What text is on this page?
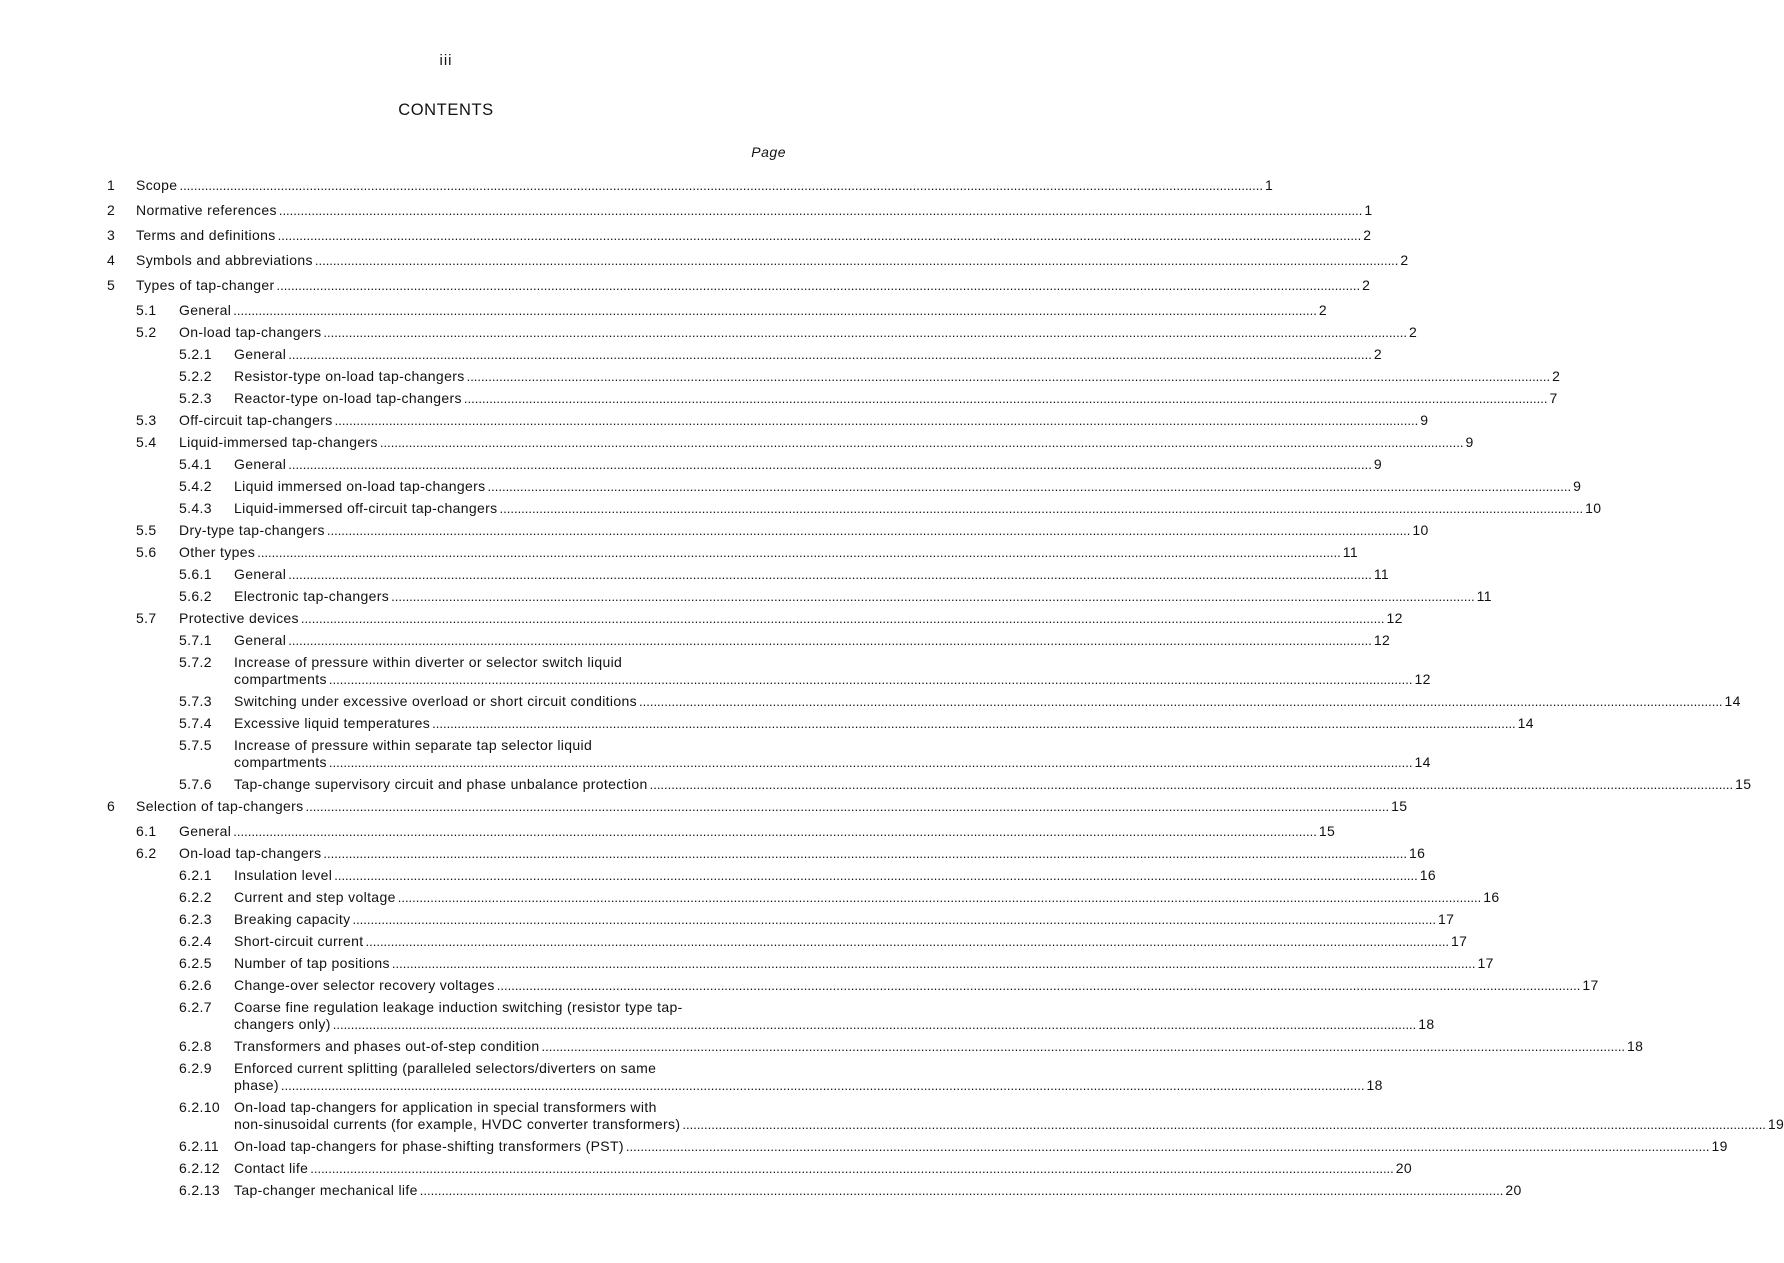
iii
CONTENTS
Page
1 Scope ............................................................................................................................................................................................................................................................................................................ 1
2 Normative references ............................................................................................................................................................................................................................................................................................................ 1
3 Terms and definitions ............................................................................................................................................................................................................................................................................................................ 2
4 Symbols and abbreviations ............................................................................................................................................................................................................................................................................................................ 2
5 Types of tap-changer ............................................................................................................................................................................................................................................................................................................ 2
5.1 General ............................................................................................................................................................................................................................................................................................................ 2
5.2 On-load tap-changers ............................................................................................................................................................................................................................................................................................................ 2
5.2.1 General ............................................................................................................................................................................................................................................................................................................ 2
5.2.2 Resistor-type on-load tap-changers ............................................................................................................................................................................................................................................................................................................ 2
5.2.3 Reactor-type on-load tap-changers ............................................................................................................................................................................................................................................................................................................ 7
5.3 Off-circuit tap-changers ............................................................................................................................................................................................................................................................................................................ 9
5.4 Liquid-immersed tap-changers ............................................................................................................................................................................................................................................................................................................ 9
5.4.1 General ............................................................................................................................................................................................................................................................................................................ 9
5.4.2 Liquid immersed on-load tap-changers ............................................................................................................................................................................................................................................................................................................ 9
5.4.3 Liquid-immersed off-circuit tap-changers ............................................................................................................................................................................................................................................................................................................ 10
5.5 Dry-type tap-changers ............................................................................................................................................................................................................................................................................................................ 10
5.6 Other types ............................................................................................................................................................................................................................................................................................................ 11
5.6.1 General ............................................................................................................................................................................................................................................................................................................ 11
5.6.2 Electronic tap-changers ............................................................................................................................................................................................................................................................................................................ 11
5.7 Protective devices ............................................................................................................................................................................................................................................................................................................ 12
5.7.1 General ............................................................................................................................................................................................................................................................................................................ 12
5.7.2 Increase of pressure within diverter or selector switch liquid
compartments ............................................................................................................................................................................................................................................................................................................ 12
5.7.3 Switching under excessive overload or short circuit conditions ............................................................................................................................................................................................................................................................................................................ 14
5.7.4 Excessive liquid temperatures ............................................................................................................................................................................................................................................................................................................ 14
5.7.5 Increase of pressure within separate tap selector liquid
compartments ............................................................................................................................................................................................................................................................................................................ 14
5.7.6 Tap-change supervisory circuit and phase unbalance protection ............................................................................................................................................................................................................................................................................................................ 15
6 Selection of tap-changers ............................................................................................................................................................................................................................................................................................................ 15
6.1 General ............................................................................................................................................................................................................................................................................................................ 15
6.2 On-load tap-changers ............................................................................................................................................................................................................................................................................................................ 16
6.2.1 Insulation level ............................................................................................................................................................................................................................................................................................................ 16
6.2.2 Current and step voltage ............................................................................................................................................................................................................................................................................................................ 16
6.2.3 Breaking capacity ............................................................................................................................................................................................................................................................................................................ 17
6.2.4 Short-circuit current ............................................................................................................................................................................................................................................................................................................ 17
6.2.5 Number of tap positions ............................................................................................................................................................................................................................................................................................................ 17
6.2.6 Change-over selector recovery voltages ............................................................................................................................................................................................................................................................................................................ 17
6.2.7 Coarse fine regulation leakage induction switching (resistor type tap-
changers only) ............................................................................................................................................................................................................................................................................................................ 18
6.2.8 Transformers and phases out-of-step condition ............................................................................................................................................................................................................................................................................................................ 18
6.2.9 Enforced current splitting (paralleled selectors/diverters on same
phase) ............................................................................................................................................................................................................................................................................................................ 18
6.2.10 On-load tap-changers for application in special transformers with
non-sinusoidal currents (for example, HVDC converter transformers) ............................................................................................................................................................................................................................................................................................................ 19
6.2.11 On-load tap-changers for phase-shifting transformers (PST) ............................................................................................................................................................................................................................................................................................................ 19
6.2.12 Contact life ............................................................................................................................................................................................................................................................................................................ 20
6.2.13 Tap-changer mechanical life ............................................................................................................................................................................................................................................................................................................ 20
